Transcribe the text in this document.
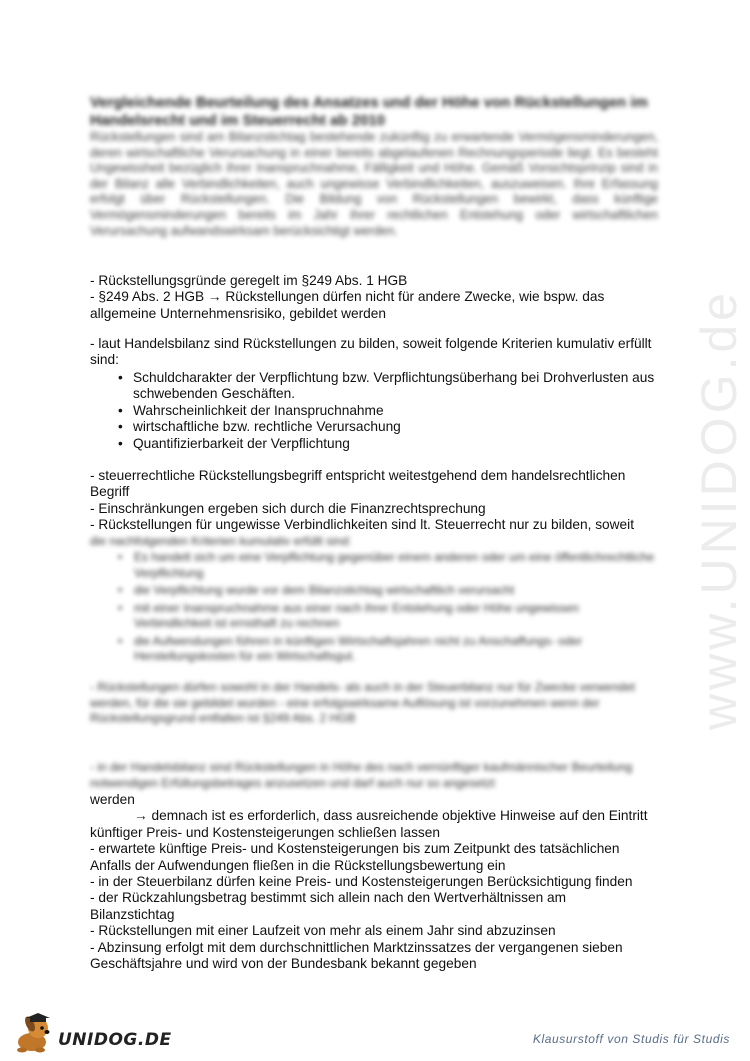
www.UNIDOG.de
Vergleichende Beurteilung des Ansatzes und der Höhe von Rückstellungen im Handelsrecht und im Steuerrecht ab 2010
Rückstellungen sind am Bilanzstichtag bestehende zukünftig zu erwartende Vermögensminderungen, deren wirtschaftliche Verursachung in einer bereits abgelaufenen Rechnungsperiode liegt. Es besteht Ungewissheit bezüglich ihrer Inanspruchnahme, Fälligkeit und Höhe. Gemäß Vorsichtsprinzip sind in der Bilanz alle Verbindlichkeiten, auch ungewisse Verbindlichkeiten, auszuweisen. Ihre Erfassung erfolgt über Rückstellungen. Die Bildung von Rückstellungen bewirkt, dass künftige Vermögensminderungen bereits im Jahr ihrer rechtlichen Entstehung oder wirtschaftlichen Verursachung aufwandswirksam berücksichtigt werden.
- Rückstellungsgründe geregelt im §249 Abs. 1 HGB
- §249 Abs. 2 HGB → Rückstellungen dürfen nicht für andere Zwecke, wie bspw. das
allgemeine Unternehmensrisiko, gebildet werden
- laut Handelsbilanz sind Rückstellungen zu bilden, soweit folgende Kriterien kumulativ erfüllt
sind:
• Schuldcharakter der Verpflichtung bzw. Verpflichtungsüberhang bei Drohverlusten aus schwebenden Geschäften.
• Wahrscheinlichkeit der Inanspruchnahme
• wirtschaftliche bzw. rechtliche Verursachung
• Quantifizierbarkeit der Verpflichtung
- steuerrechtliche Rückstellungsbegriff entspricht weitestgehend dem handelsrechtlichen
Begriff
- Einschränkungen ergeben sich durch die Finanzrechtsprechung
- Rückstellungen für ungewisse Verbindlichkeiten sind lt. Steuerrecht nur zu bilden, soweit
die nachfolgenden Kriterien kumulativ erfüllt sind:
• Es handelt sich um eine Verpflichtung gegenüber einem anderen oder um eine öffentlichrechtliche Verpflichtung
• die Verpflichtung wurde vor dem Bilanzstichtag wirtschaftlich verursacht
• mit einer Inanspruchnahme aus einer nach ihrer Entstehung oder Höhe ungewissen Verbindlichkeit ist ernsthaft zu rechnen
• die Aufwendungen führen in künftigen Wirtschaftsjahren nicht zu Anschaffungs- oder Herstellungskosten für ein Wirtschaftsgut.
- Rückstellungen dürfen sowohl in der Handels- als auch in der Steuerbilanz nur für Zwecke verwendet werden, für die sie gebildet wurden - eine erfolgswirksame Auflösung ist vorzunehmen wenn der Rückstellungsgrund entfallen ist §249 Abs. 2 HGB
- in der Handelsbilanz sind Rückstellungen in Höhe des nach vernünftiger kaufmännischer Beurteilung notwendigen Erfüllungsbetrages anzusetzen und darf auch nur so angesetzt
werden
→ demnach ist es erforderlich, dass ausreichende objektive Hinweise auf den Eintritt
künftiger Preis- und Kostensteigerungen schließen lassen
- erwartete künftige Preis- und Kostensteigerungen bis zum Zeitpunkt des tatsächlichen
Anfalls der Aufwendungen fließen in die Rückstellungsbewertung ein
- in der Steuerbilanz dürfen keine Preis- und Kostensteigerungen Berücksichtigung finden
- der Rückzahlungsbetrag bestimmt sich allein nach den Wertverhältnissen am
Bilanzstichtag
- Rückstellungen mit einer Laufzeit von mehr als einem Jahr sind abzuzinsen
- Abzinsung erfolgt mit dem durchschnittlichen Marktzinssatzes der vergangenen sieben
Geschäftsjahre und wird von der Bundesbank bekannt gegeben
UNIDOG.DE	Klausurstoff von Studis für Studis
